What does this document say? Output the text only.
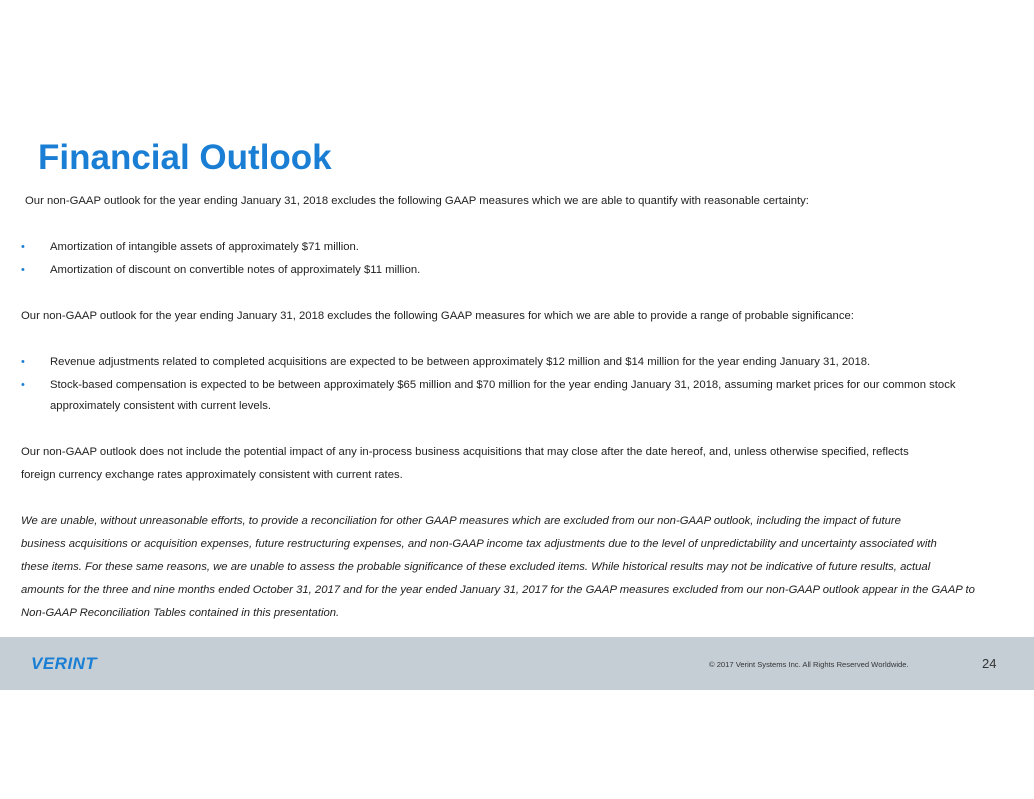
Financial Outlook

Our non-GAAP outlook for the year ending January 31, 2018 excludes the following GAAP measures which we are able to quantify with reasonable certainty:

• Amortization of intangible assets of approximately $71 million.
• Amortization of discount on convertible notes of approximately $11 million.

Our non-GAAP outlook for the year ending January 31, 2018 excludes the following GAAP measures for which we are able to provide a range of probable significance:

• Revenue adjustments related to completed acquisitions are expected to be between approximately $12 million and $14 million for the year ending January 31, 2018.
• Stock-based compensation is expected to be between approximately $65 million and $70 million for the year ending January 31, 2018, assuming market prices for our common stock
approximately consistent with current levels.

Our non-GAAP outlook does not include the potential impact of any in-process business acquisitions that may close after the date hereof, and, unless otherwise specified, reflects

foreign currency exchange rates approximately consistent with current rates.

We are unable, without unreasonable efforts, to provide a reconciliation for other GAAP measures which are excluded from our non-GAAP outlook, including the impact of future

business acquisitions or acquisition expenses, future restructuring expenses, and non-GAAP income tax adjustments due to the level of unpredictability and uncertainty associated with

these items. For these same reasons, we are unable to assess the probable significance of these excluded items. While historical results may not be indicative of future results, actual

amounts for the three and nine months ended October 31, 2017 and for the year ended January 31, 2017 for the GAAP measures excluded from our non-GAAP outlook appear in the GAAP to

Non-GAAP Reconciliation Tables contained in this presentation.

VERINT.
© 2017 Verint Systems Inc. All Rights Reserved Worldwide.	24
